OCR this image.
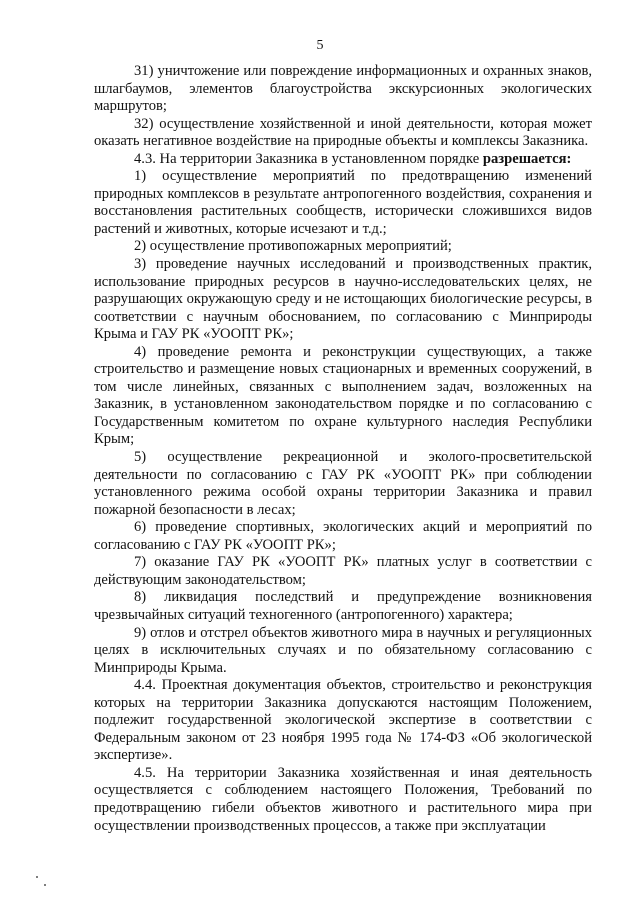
5

31) уничтожение или повреждение информационных и охранных знаков, шлагбаумов, элементов благоустройства экскурсионных экологических маршрутов;

32) осуществление хозяйственной и иной деятельности, которая может оказать негативное воздействие на природные объекты и комплексы Заказника.

4.3. На территории Заказника в установленном порядке разрешается:

1) осуществление мероприятий по предотвращению изменений природных комплексов в результате антропогенного воздействия, сохранения и восстановления растительных сообществ, исторически сложившихся видов растений и животных, которые исчезают и т.д.;

2) осуществление противопожарных мероприятий;

3) проведение научных исследований и производственных практик, использование природных ресурсов в научно-исследовательских целях, не разрушающих окружающую среду и не истощающих биологические ресурсы, в соответствии с научным обоснованием, по согласованию с Минприроды Крыма и ГАУ РК «УООПТ РК»;

4) проведение ремонта и реконструкции существующих, а также строительство и размещение новых стационарных и временных сооружений, в том числе линейных, связанных с выполнением задач, возложенных на Заказник, в установленном законодательством порядке и по согласованию с Государственным комитетом по охране культурного наследия Республики Крым;

5) осуществление рекреационной и эколого-просветительской деятельности по согласованию с ГАУ РК «УООПТ РК» при соблюдении установленного режима особой охраны территории Заказника и правил пожарной безопасности в лесах;

6) проведение спортивных, экологических акций и мероприятий по согласованию с ГАУ РК «УООПТ РК»;

7) оказание ГАУ РК «УООПТ РК» платных услуг в соответствии с действующим законодательством;

8) ликвидация последствий и предупреждение возникновения чрезвычайных ситуаций техногенного (антропогенного) характера;

9) отлов и отстрел объектов животного мира в научных и регуляционных целях в исключительных случаях и по обязательному согласованию с Минприроды Крыма.

4.4. Проектная документация объектов, строительство и реконструкция которых на территории Заказника допускаются настоящим Положением, подлежит государственной экологической экспертизе в соответствии с Федеральным законом от 23 ноября 1995 года № 174-ФЗ «Об экологической экспертизе».

4.5. На территории Заказника хозяйственная и иная деятельность осуществляется с соблюдением настоящего Положения, Требований по предотвращению гибели объектов животного и растительного мира при осуществлении производственных процессов, а также при эксплуатации
